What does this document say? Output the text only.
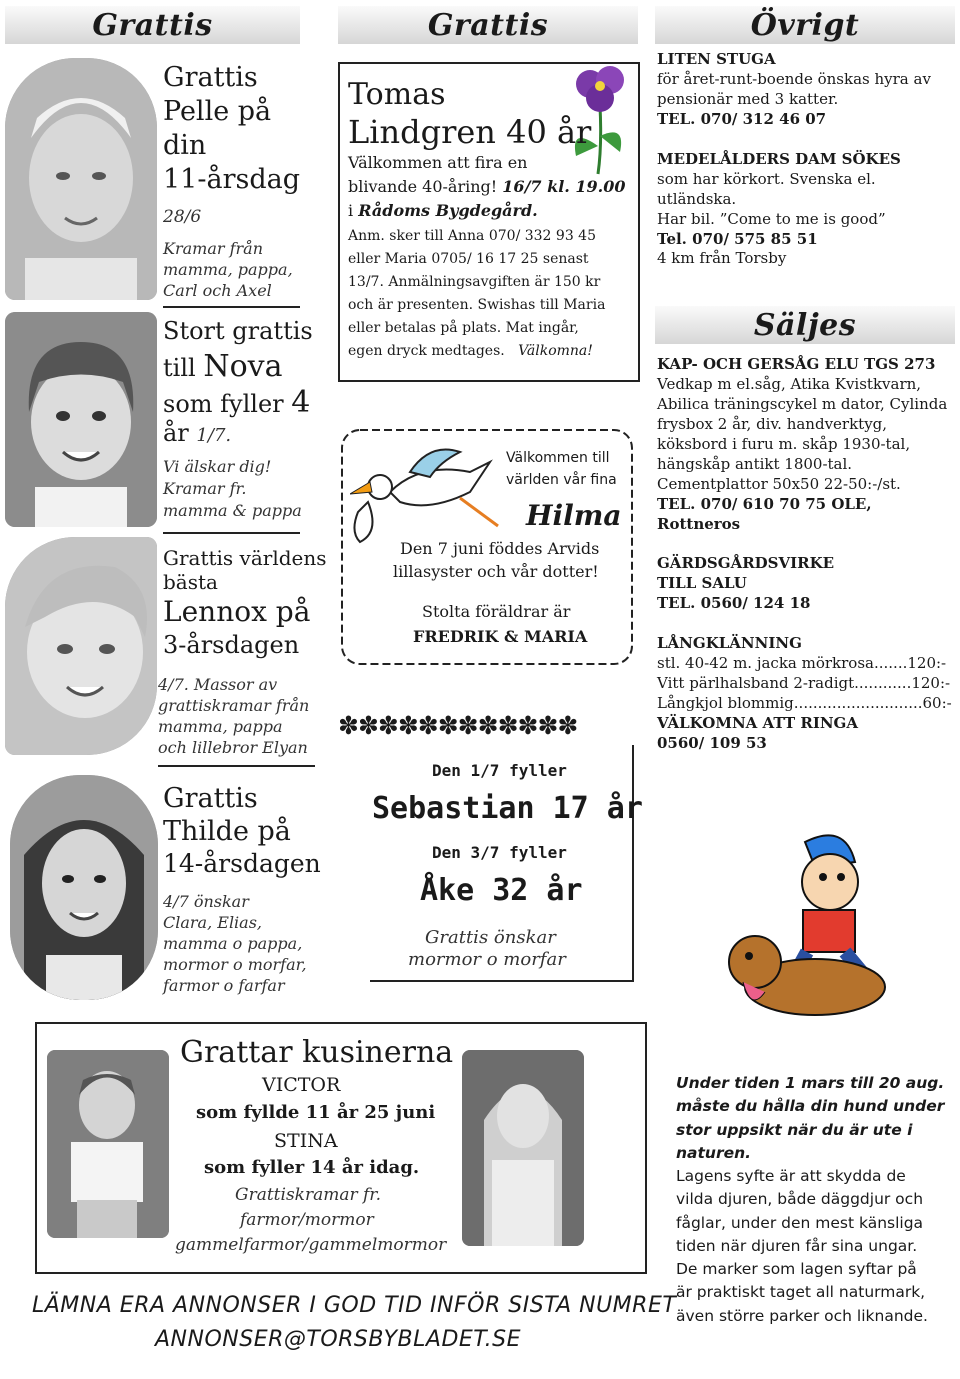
Grattis
Grattis
Pelle på
din
11-årsdag
28/6
Kramar från
mamma, pappa,
Carl och Axel
Stort grattis
till Nova
som fyller 4
år 1/7.
Vi älskar dig!
Kramar fr.
mamma & pappa
Grattis världens
bästa
Lennox på
3-årsdagen
4/7. Massor av
grattiskramar från
mamma, pappa
och lillebror Elyan
Grattis
Thilde på
14-årsdagen
4/7 önskar
Clara, Elias,
mamma o pappa,
mormor o morfar,
farmor o farfar
Grattis
Tomas
Lindgren 40 år
Välkommen att fira en
blivande 40-åring! 16/7 kl. 19.00
i Rådoms Bygdegård.
Anm. sker till Anna 070/ 332 93 45
eller Maria 0705/ 16 17 25 senast
13/7. Anmälningsavgiften är 150 kr
och är presenten. Swishas till Maria
eller betalas på plats. Mat ingår,
egen dryck medtages. Välkomna!
Välkommen till
världen vår fina
Hilma
Den 7 juni föddes Arvids
lillasyster och vår dotter!
Stolta föräldrar är
FREDRIK & MARIA
✽✽✽✽✽✽✽✽✽✽✽✽
Den 1/7 fyller
Sebastian 17 år
Den 3/7 fyller
Åke 32 år
Grattis önskar
mormor o morfar
Övrigt

LITEN STUGA

för året-runt-boende önskas hyra av

pensionär med 3 katter.

TEL. 070/ 312 46 07

MEDELÅLDERS DAM SÖKES

som har körkort. Svenska el. utländska.

Har bil. ”Come to me is good”

Tel. 070/ 575 85 51

4 km från Torsby

Säljes

KAP- OCH GERSÅG ELU TGS 273

Vedkap m el.såg, Atika Kvistkvarn,

Abilica träningscykel m dator, Cylinda

frysbox 2 år, div. handverktyg,

köksbord i furu m. skåp 1930-tal,

hängskåp antikt 1800-tal.

Cementplattor 50x50 22-50:-/st.

TEL. 070/ 610 70 75 OLE, Rottneros

GÄRDSGÅRDSVIRKE

TILL SALU

TEL. 0560/ 124 18

LÅNGKLÄNNING

stl. 40-42 m. jacka mörkrosa.......120:-

Vitt pärlhalsband 2-radigt............120:-

Långkjol blommig...........................60:-

VÄLKOMNA ATT RINGA

0560/ 109 53

Under tiden 1 mars till 20 aug.

måste du hålla din hund under

stor uppsikt när du är ute i

naturen.

Lagens syfte är att skydda de

vilda djuren, både däggdjur och

fåglar, under den mest känsliga

tiden när djuren får sina ungar.

De marker som lagen syftar på

är praktiskt taget all naturmark,

även större parker och liknande.

Grattar kusinerna
VICTOR
som fyllde 11 år 25 juni
STINA
som fyller 14 år idag.
Grattiskramar fr.
farmor/mormor
gammelfarmor/gammelmormor
LÄMNA ERA ANNONSER I GOD TID INFÖR SISTA NUMRET
ANNONSER@TORSBYBLADET.SE
